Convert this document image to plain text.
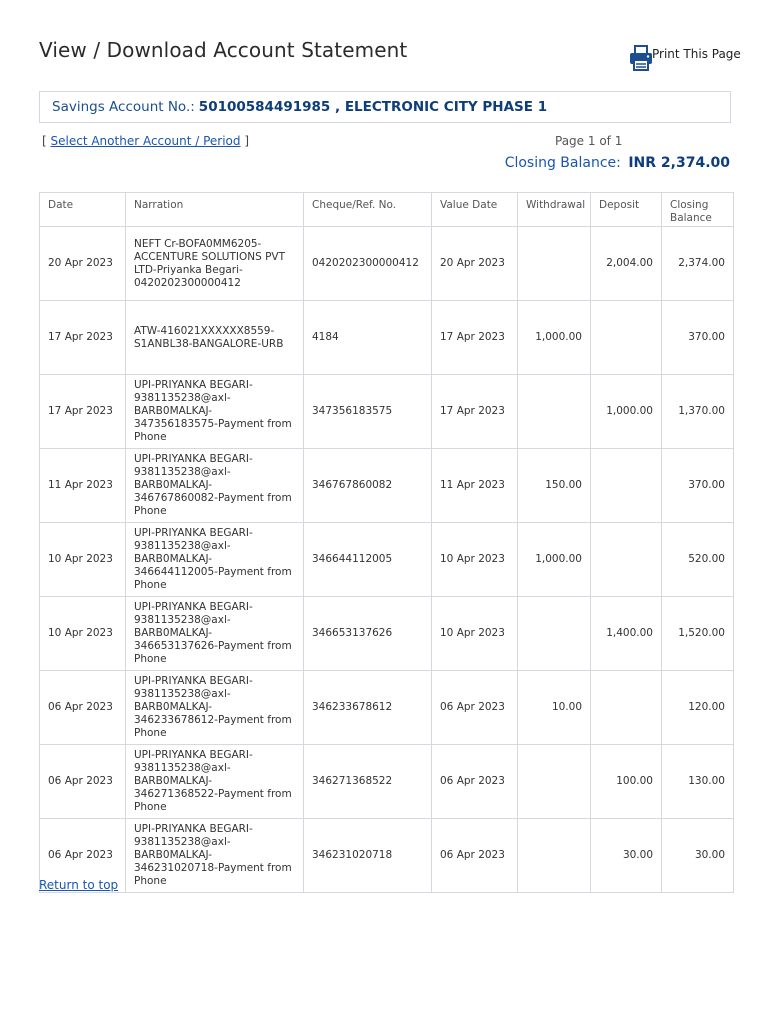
View / Download Account Statement	Print This Page
Savings Account No.: 50100584491985 , ELECTRONIC CITY PHASE 1
[ Select Another Account / Period ]	Page 1 of 1
Closing Balance: INR 2,374.00
Date	Narration	Cheque/Ref. No.	Value Date	Withdrawal	Deposit	Closing Balance
20 Apr 2023	NEFT Cr-BOFA0MM6205-ACCENTURE SOLUTIONS PVT LTD-Priyanka Begari-0420202300000412	0420202300000412	20 Apr 2023		2,004.00	2,374.00
17 Apr 2023	ATW-416021XXXXXX8559-S1ANBL38-BANGALORE-URB	4184	17 Apr 2023	1,000.00		370.00
17 Apr 2023	UPI-PRIYANKA BEGARI-9381135238@axl-BARB0MALKAJ-347356183575-Payment from Phone	347356183575	17 Apr 2023		1,000.00	1,370.00
11 Apr 2023	UPI-PRIYANKA BEGARI-9381135238@axl-BARB0MALKAJ-346767860082-Payment from Phone	346767860082	11 Apr 2023	150.00		370.00
10 Apr 2023	UPI-PRIYANKA BEGARI-9381135238@axl-BARB0MALKAJ-346644112005-Payment from Phone	346644112005	10 Apr 2023	1,000.00		520.00
10 Apr 2023	UPI-PRIYANKA BEGARI-9381135238@axl-BARB0MALKAJ-346653137626-Payment from Phone	346653137626	10 Apr 2023		1,400.00	1,520.00
06 Apr 2023	UPI-PRIYANKA BEGARI-9381135238@axl-BARB0MALKAJ-346233678612-Payment from Phone	346233678612	06 Apr 2023	10.00		120.00
06 Apr 2023	UPI-PRIYANKA BEGARI-9381135238@axl-BARB0MALKAJ-346271368522-Payment from Phone	346271368522	06 Apr 2023		100.00	130.00
06 Apr 2023	UPI-PRIYANKA BEGARI-9381135238@axl-BARB0MALKAJ-346231020718-Payment from Phone	346231020718	06 Apr 2023		30.00	30.00
Return to top
